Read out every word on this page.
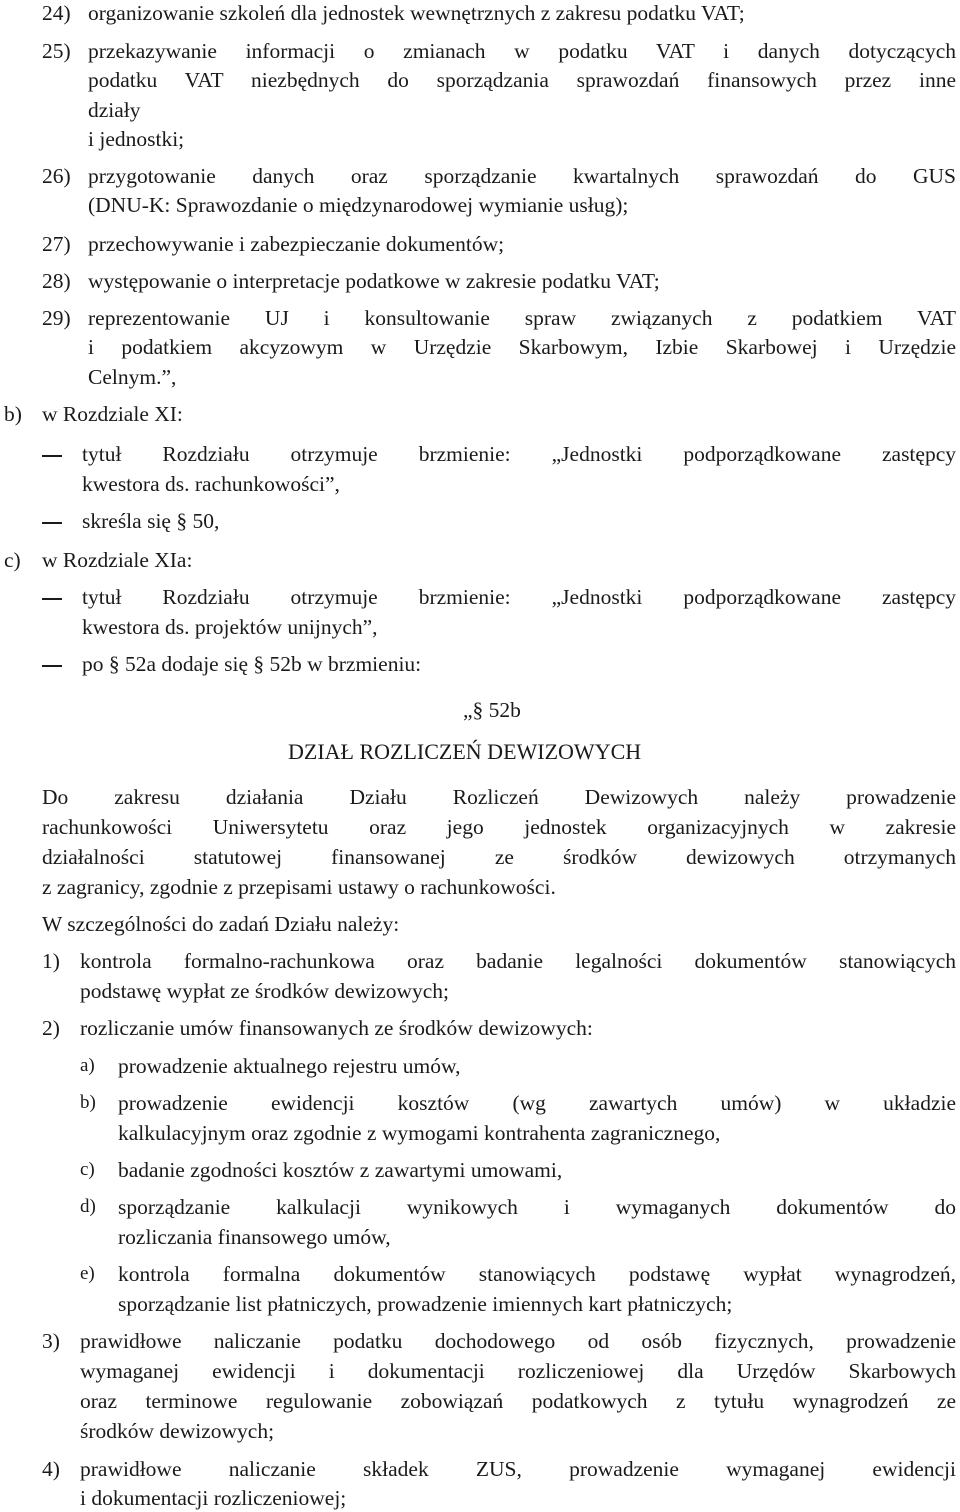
24) organizowanie szkoleń dla jednostek wewnętrznych z zakresu podatku VAT;
25) przekazywanie informacji o zmianach w podatku VAT i danych dotyczących
podatku VAT niezbędnych do sporządzania sprawozdań finansowych przez inne
działy
i jednostki;
26) przygotowanie danych oraz sporządzanie kwartalnych sprawozdań do GUS
(DNU-K: Sprawozdanie o międzynarodowej wymianie usług);
27) przechowywanie i zabezpieczanie dokumentów;
28) występowanie o interpretacje podatkowe w zakresie podatku VAT;
29) reprezentowanie UJ i konsultowanie spraw związanych z podatkiem VAT
i podatkiem akcyzowym w Urzędzie Skarbowym, Izbie Skarbowej i Urzędzie
Celnym.”,
b) w Rozdziale XI:
tytuł Rozdziału otrzymuje brzmienie: „Jednostki podporządkowane zastępcy
kwestora ds. rachunkowości”,
skreśla się § 50,
c) w Rozdziale XIa:
tytuł Rozdziału otrzymuje brzmienie: „Jednostki podporządkowane zastępcy
kwestora ds. projektów unijnych”,
po § 52a dodaje się § 52b w brzmieniu:
„§ 52b
DZIAŁ ROZLICZEŃ DEWIZOWYCH
Do zakresu działania Działu Rozliczeń Dewizowych należy prowadzenie
rachunkowości Uniwersytetu oraz jego jednostek organizacyjnych w zakresie
działalności statutowej finansowanej ze środków dewizowych otrzymanych
z zagranicy, zgodnie z przepisami ustawy o rachunkowości.
W szczególności do zadań Działu należy:
1) kontrola formalno-rachunkowa oraz badanie legalności dokumentów stanowiących
podstawę wypłat ze środków dewizowych;
2) rozliczanie umów finansowanych ze środków dewizowych:
a) prowadzenie aktualnego rejestru umów,
b) prowadzenie ewidencji kosztów (wg zawartych umów) w układzie
kalkulacyjnym oraz zgodnie z wymogami kontrahenta zagranicznego,
c) badanie zgodności kosztów z zawartymi umowami,
d) sporządzanie kalkulacji wynikowych i wymaganych dokumentów do
rozliczania finansowego umów,
e) kontrola formalna dokumentów stanowiących podstawę wypłat wynagrodzeń,
sporządzanie list płatniczych, prowadzenie imiennych kart płatniczych;
3) prawidłowe naliczanie podatku dochodowego od osób fizycznych, prowadzenie
wymaganej ewidencji i dokumentacji rozliczeniowej dla Urzędów Skarbowych
oraz terminowe regulowanie zobowiązań podatkowych z tytułu wynagrodzeń ze
środków dewizowych;
4) prawidłowe naliczanie składek ZUS, prowadzenie wymaganej ewidencji
i dokumentacji rozliczeniowej;
